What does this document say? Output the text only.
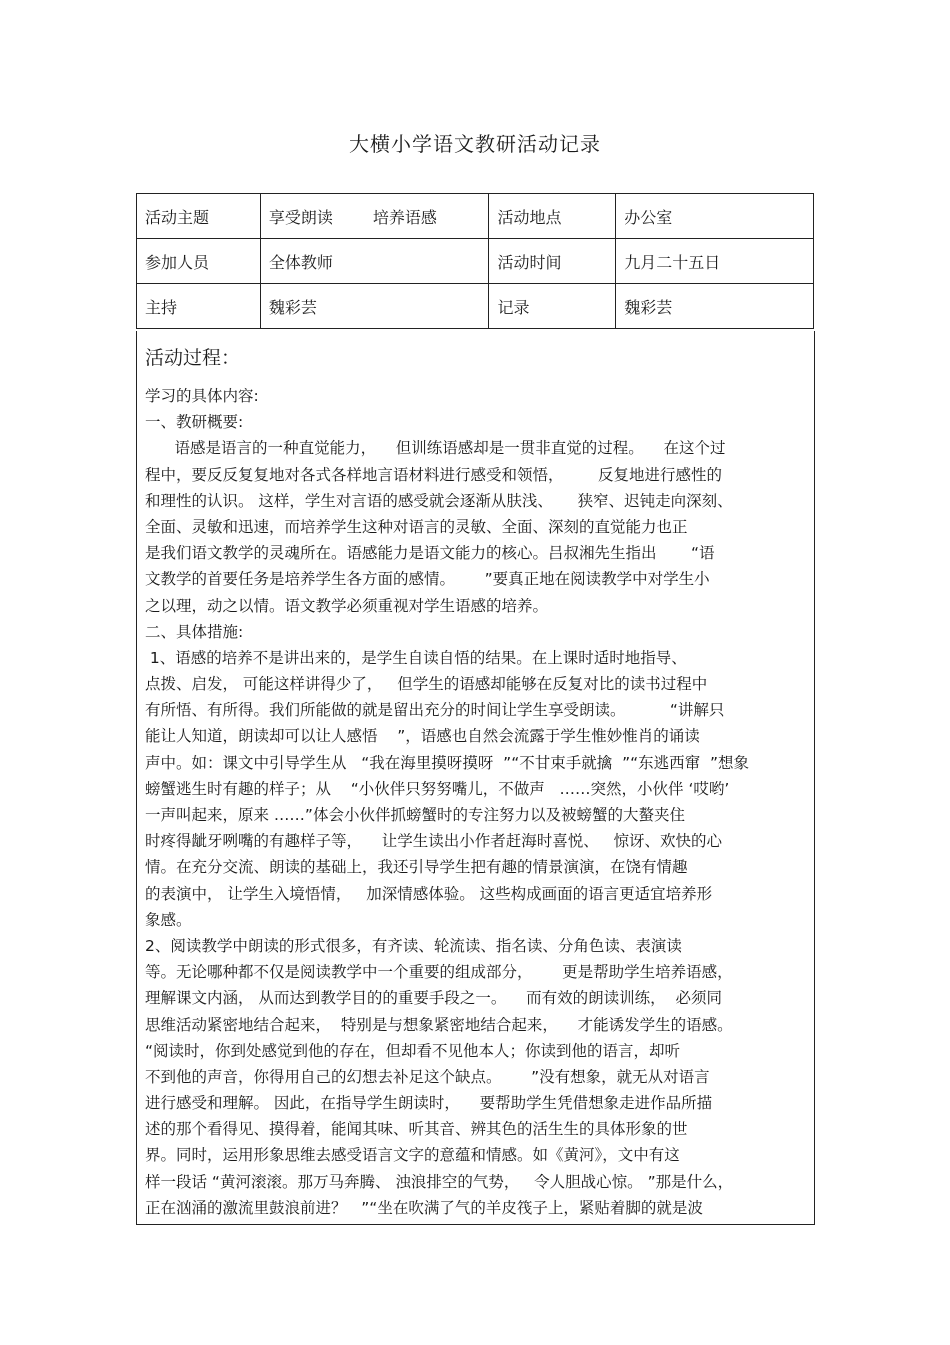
大横小学语文教研活动记录
活动主题	享受朗读 培养语感	活动地点	办公室
参加人员	全体教师	活动时间	九月二十五日
主持	魏彩芸	记录	魏彩芸
活动过程：
学习的具体内容:
一、教研概要:
语感是语言的一种直觉能力，    但训练语感却是一贯非直觉的过程。    在这个过
程中，要反反复复地对各式各样地言语材料进行感受和领悟，       反复地进行感性的
和理性的认识。 这样，学生对言语的感受就会逐渐从肤浅、     狭窄、迟钝走向深刻、
全面、灵敏和迅速，而培养学生这种对语言的灵敏、全面、深刻的直觉能力也正
是我们语文教学的灵魂所在。语感能力是语文能力的核心。吕叔湘先生指出       “语
文教学的首要任务是培养学生各方面的感情。      ”要真正地在阅读教学中对学生小
之以理，动之以情。语文教学必须重视对学生语感的培养。
二、具体措施:
1、语感的培养不是讲出来的，是学生自读自悟的结果。在上课时适时地指导、
点拨、启发， 可能这样讲得少了，   但学生的语感却能够在反复对比的读书过程中
有所悟、有所得。我们所能做的就是留出充分的时间让学生享受朗读。         “讲解只
能让人知道，朗读却可以让人感悟    ”，语感也自然会流露于学生惟妙惟肖的诵读
声中。如：课文中引导学生从   “我在海里摸呀摸呀  ”“不甘束手就擒  ”“东逃西窜  ”想象
螃蟹逃生时有趣的样子；从    “小伙伴只努努嘴儿，不做声   ……突然，小伙伴 ‘哎哟’
一声叫起来，原来 ……”体会小伙伴抓螃蟹时的专注努力以及被螃蟹的大螯夹住
时疼得龇牙咧嘴的有趣样子等，    让学生读出小作者赶海时喜悦、   惊讶、欢快的心
情。在充分交流、朗读的基础上，我还引导学生把有趣的情景演演，在饶有情趣
的表演中， 让学生入境悟情，   加深情感体验。 这些构成画面的语言更适宜培养形
象感。
2、阅读教学中朗读的形式很多，有齐读、轮流读、指名读、分角色读、表演读
等。无论哪种都不仅是阅读教学中一个重要的组成部分，      更是帮助学生培养语感，
理解课文内涵， 从而达到教学目的的重要手段之一。    而有效的朗读训练，  必须同
思维活动紧密地结合起来，  特别是与想象紧密地结合起来，    才能诱发学生的语感。
“阅读时，你到处感觉到他的存在，但却看不见他本人；你读到他的语言，却听
不到他的声音，你得用自己的幻想去补足这个缺点。      ”没有想象，就无从对语言
进行感受和理解。 因此，在指导学生朗读时，    要帮助学生凭借想象走进作品所描
述的那个看得见、摸得着，能闻其味、听其音、辨其色的活生生的具体形象的世
界。同时，运用形象思维去感受语言文字的意蕴和情感。如《黄河》，文中有这
样一段话 “黄河滚滚。那万马奔腾、 浊浪排空的气势，   令人胆战心惊。 ”那是什么，
正在汹涌的激流里鼓浪前进？   ”“坐在吹满了气的羊皮筏子上，紧贴着脚的就是波
